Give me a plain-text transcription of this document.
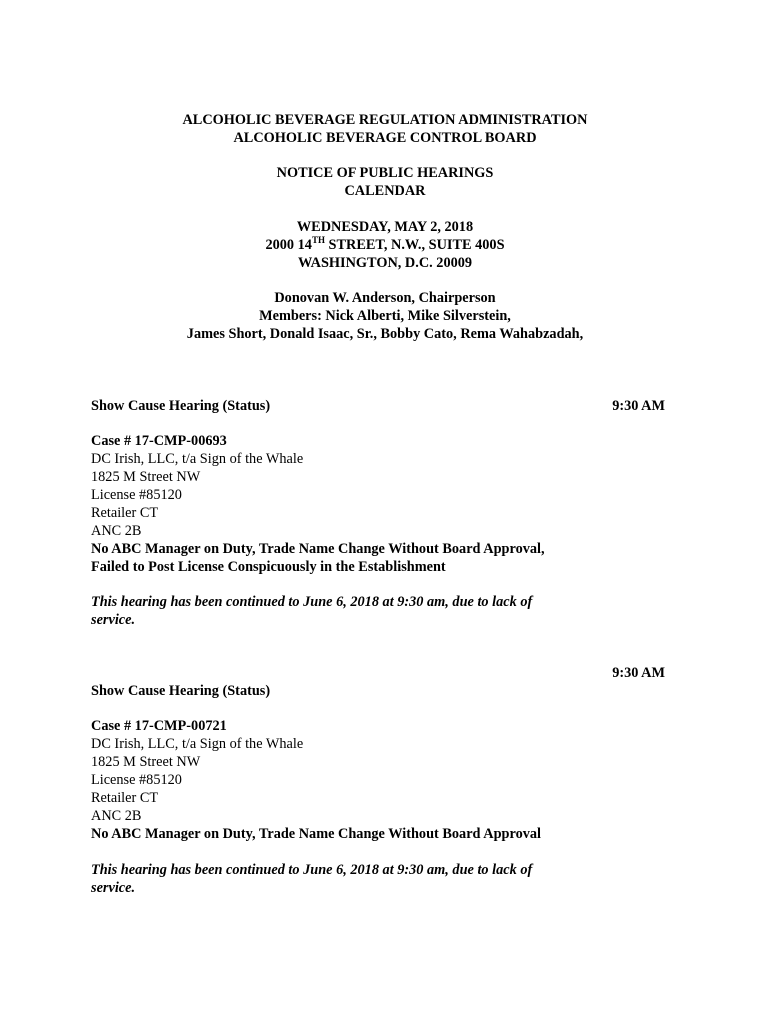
ALCOHOLIC BEVERAGE REGULATION ADMINISTRATION
ALCOHOLIC BEVERAGE CONTROL BOARD
NOTICE OF PUBLIC HEARINGS
CALENDAR
WEDNESDAY, MAY 2, 2018
2000 14TH STREET, N.W., SUITE 400S
WASHINGTON, D.C. 20009
Donovan W. Anderson, Chairperson
Members: Nick Alberti, Mike Silverstein,
James Short, Donald Isaac, Sr., Bobby Cato, Rema Wahabzadah,
Show Cause Hearing (Status)	9:30 AM
Case # 17-CMP-00693
DC Irish, LLC, t/a Sign of the Whale
1825 M Street NW
License #85120
Retailer CT
ANC 2B
No ABC Manager on Duty, Trade Name Change Without Board Approval,
Failed to Post License Conspicuously in the Establishment
This hearing has been continued to June 6, 2018 at 9:30 am, due to lack of
service.
9:30 AM
Show Cause Hearing (Status)
Case # 17-CMP-00721
DC Irish, LLC, t/a Sign of the Whale
1825 M Street NW
License #85120
Retailer CT
ANC 2B
No ABC Manager on Duty, Trade Name Change Without Board Approval
This hearing has been continued to June 6, 2018 at 9:30 am, due to lack of
service.
